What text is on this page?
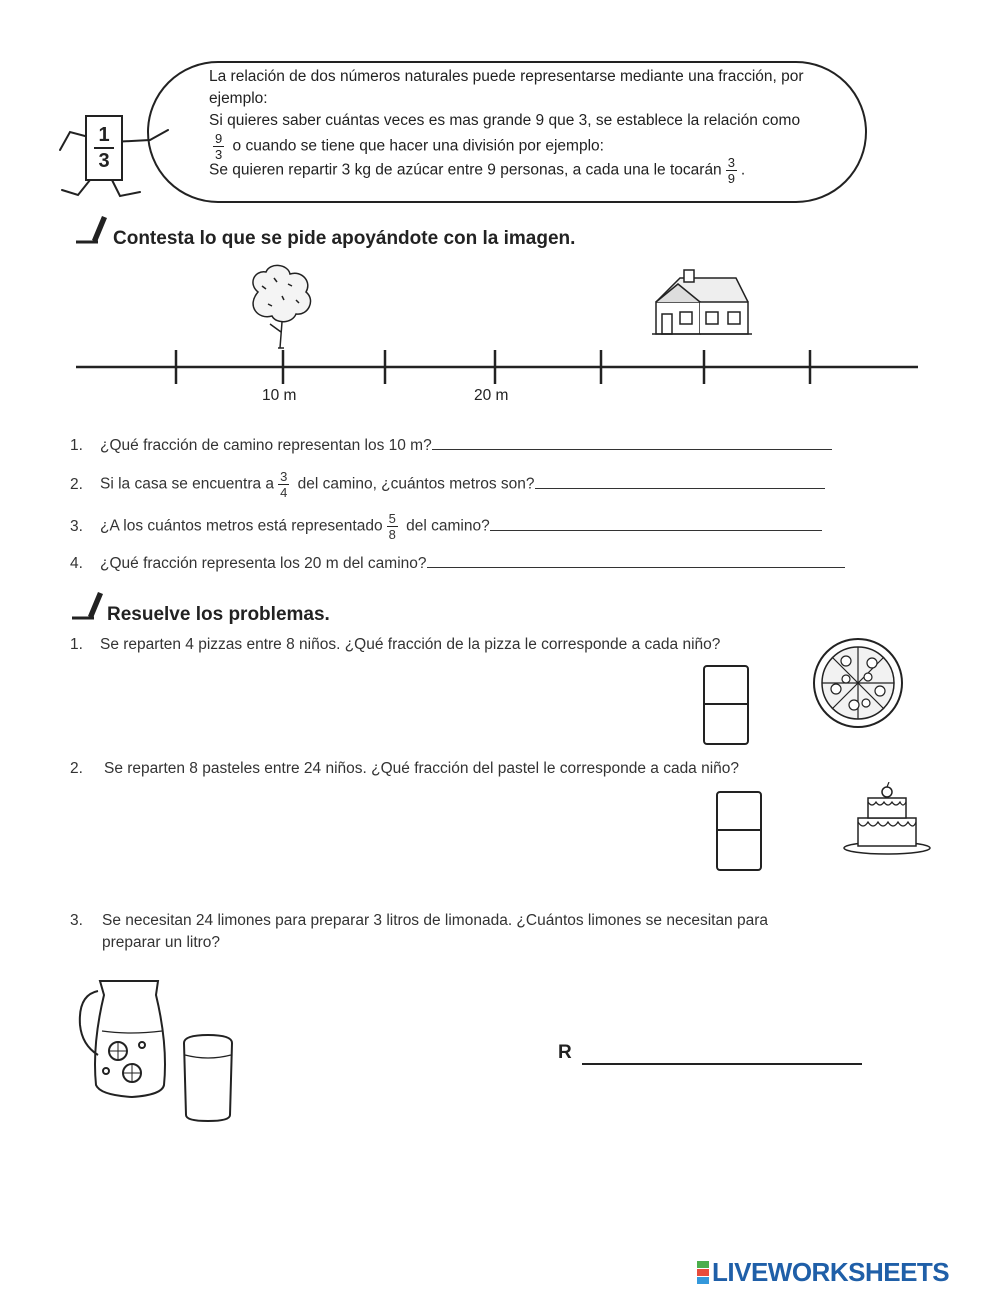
$\frac{1}{3}$
La relación de dos números naturales puede representarse mediante una fracción, por
ejemplo:
Si quieres saber cuántas veces es mas grande 9 que 3, se establece la relación como
$\frac{9}{3}$ o cuando se tiene que hacer una división por ejemplo:
Se quieren repartir 3 kg de azúcar entre 9 personas, a cada una le tocarán $\frac{3}{9}$ .
Contesta lo que se pide apoyándote con la imagen.
10 m	20 m
1. ¿Qué fracción de camino representan los 10 m?
2. Si la casa se encuentra a $\frac{3}{4}$ del camino, ¿cuántos metros son?
3. ¿A los cuántos metros está representado $\frac{5}{8}$ del camino?
4. ¿Qué fracción representa los 20 m del camino?
Resuelve los problemas.
1. Se reparten 4 pizzas entre 8 niños. ¿Qué fracción de la pizza le corresponde a cada niño?
2. Se reparten 8 pasteles entre 24 niños. ¿Qué fracción del pastel le corresponde a cada niño?
3. Se necesitan 24 limones para preparar 3 litros de limonada. ¿Cuántos limones se necesitan para
preparar un litro?
R
LIVEWORKSHEETS
